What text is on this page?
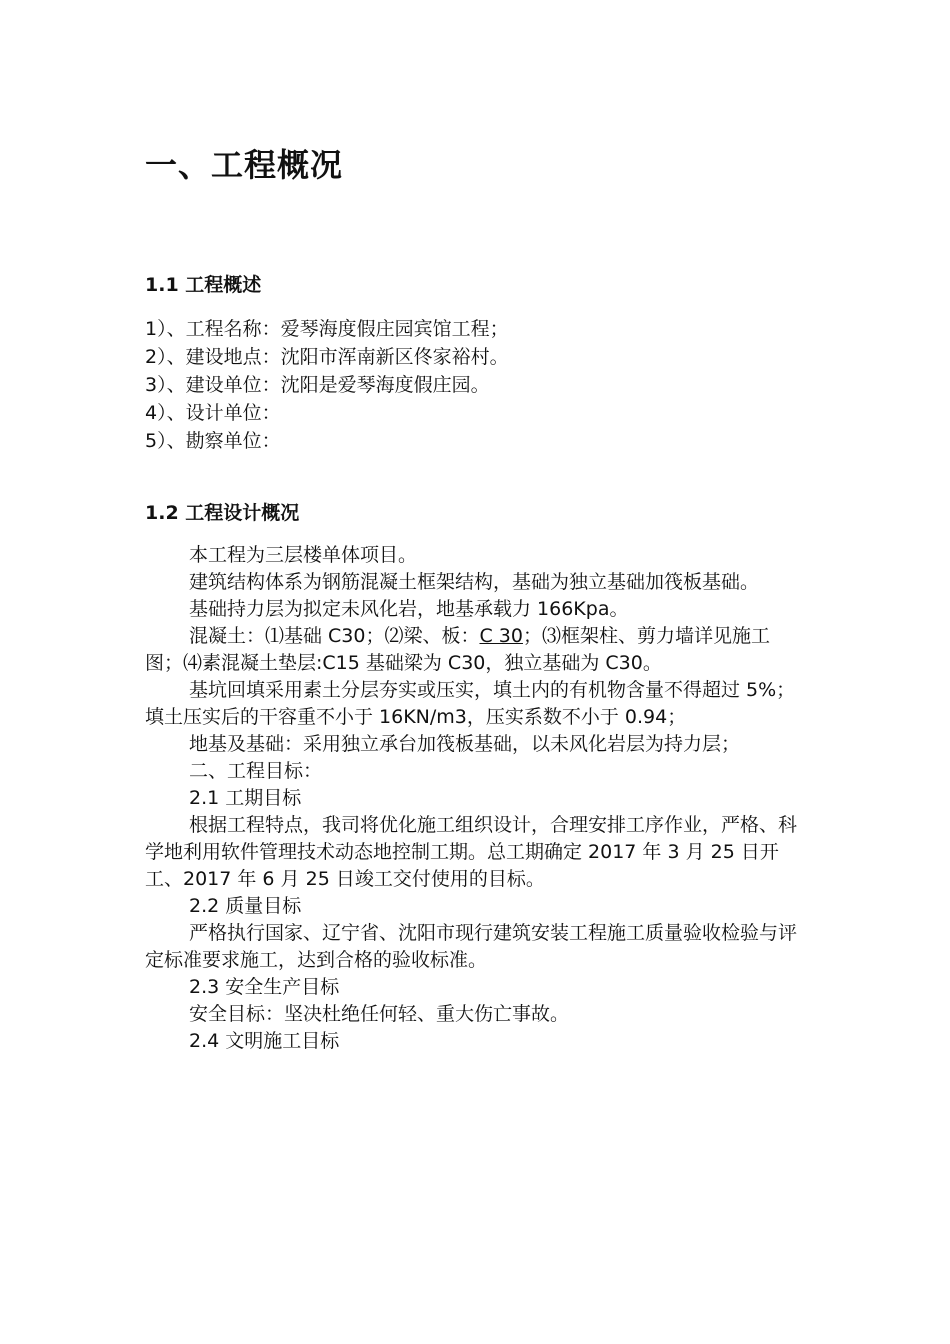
一、工程概况
1.1 工程概述
1）、工程名称：爱琴海度假庄园宾馆工程；
2）、建设地点：沈阳市浑南新区佟家裕村。
3）、建设单位：沈阳是爱琴海度假庄园。
4）、设计单位：
5）、勘察单位：
1.2 工程设计概况
本工程为三层楼单体项目。
建筑结构体系为钢筋混凝土框架结构，基础为独立基础加筏板基础。
基础持力层为拟定未风化岩，地基承载力 166Kpa。
混凝土：⑴基础 C30；⑵梁、板：C 30；⑶框架柱、剪力墙详见施工图；⑷素混凝土垫层:C15 基础梁为 C30，独立基础为 C30。
基坑回填采用素土分层夯实或压实，填土内的有机物含量不得超过 5%；填土压实后的干容重不小于 16KN/m3，压实系数不小于 0.94；
地基及基础：采用独立承台加筏板基础，以未风化岩层为持力层；
二、工程目标：
2.1 工期目标
根据工程特点，我司将优化施工组织设计，合理安排工序作业，严格、科学地利用软件管理技术动态地控制工期。总工期确定 2017 年 3 月 25 日开工、2017 年 6 月 25 日竣工交付使用的目标。
2.2 质量目标
严格执行国家、辽宁省、沈阳市现行建筑安装工程施工质量验收检验与评定标准要求施工，达到合格的验收标准。
2.3 安全生产目标
安全目标：坚决杜绝任何轻、重大伤亡事故。
2.4 文明施工目标
